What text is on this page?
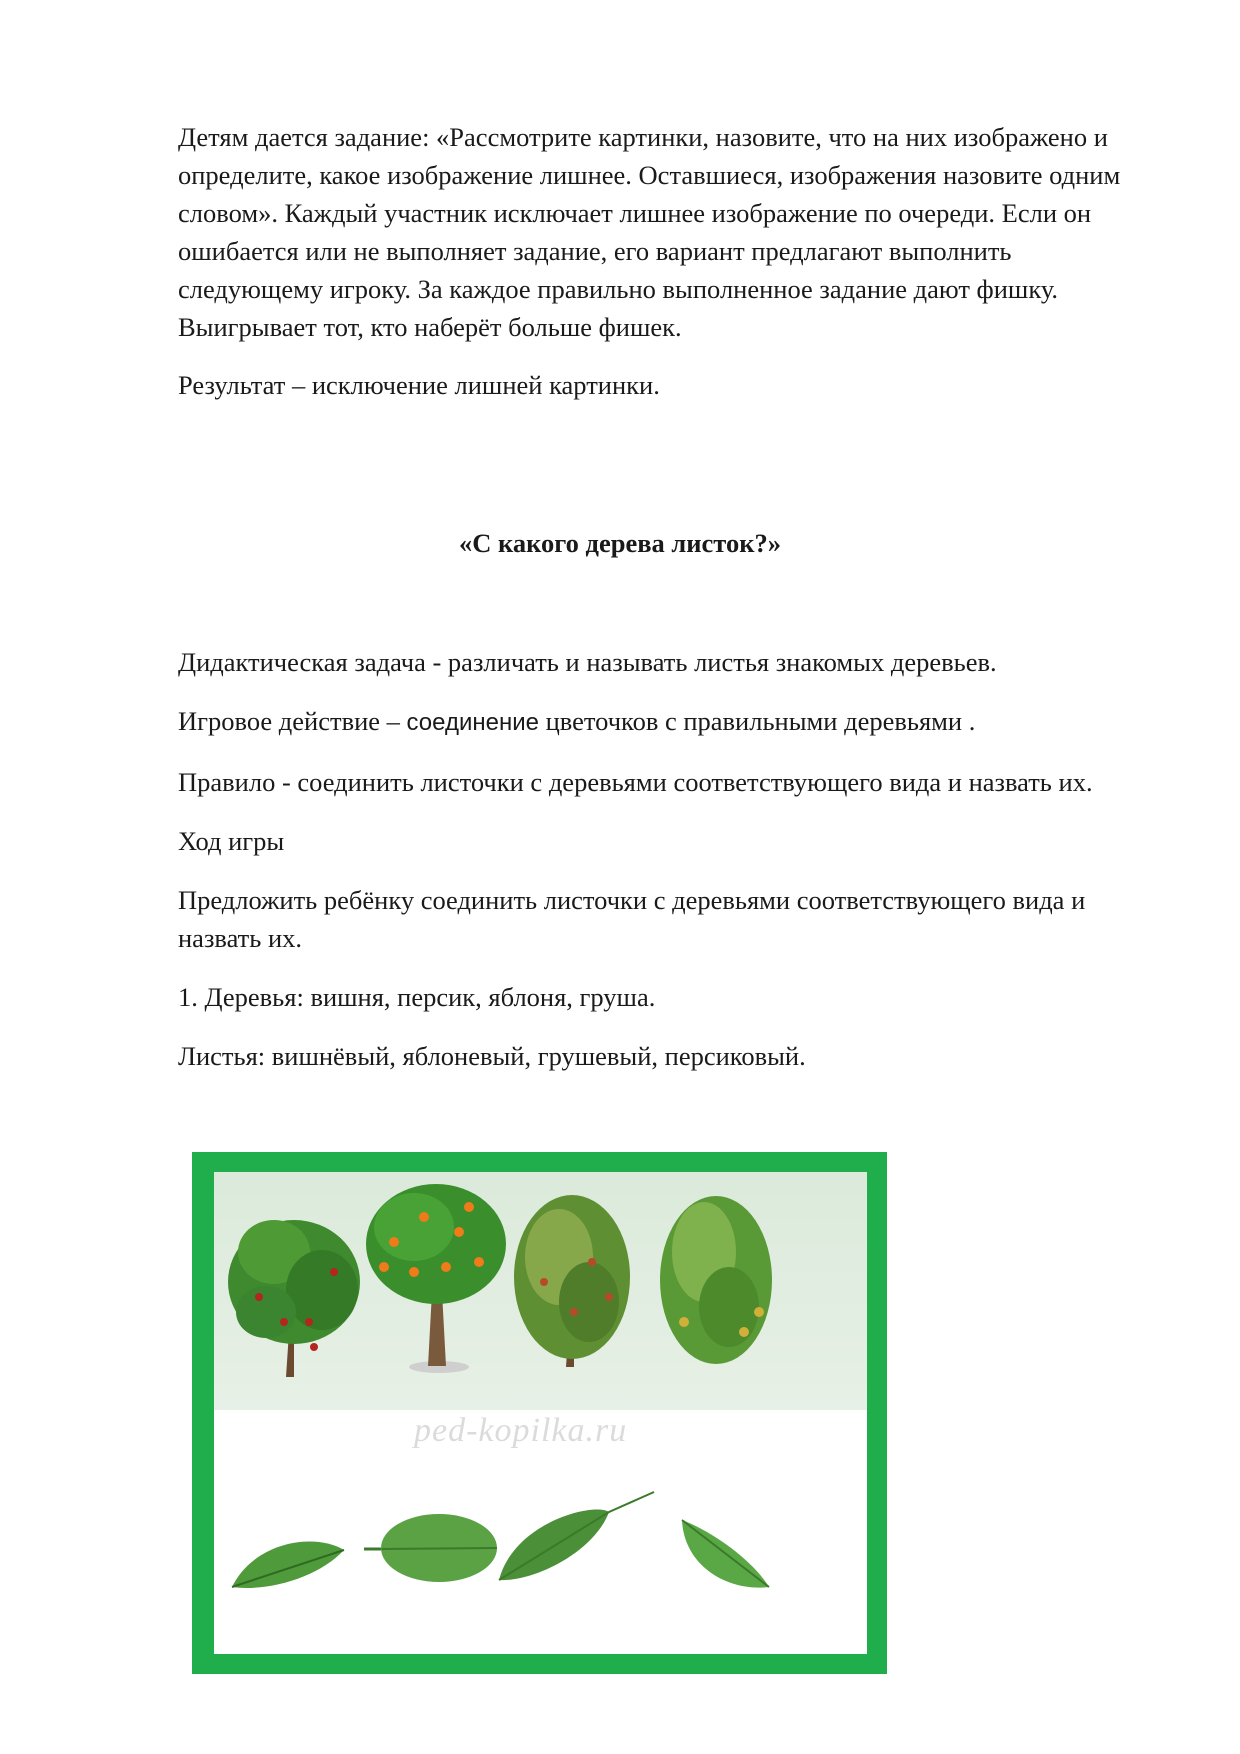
Детям дается задание: «Рассмотрите картинки, назовите, что на них изображено и определите, какое изображение лишнее. Оставшиеся, изображения назовите одним словом». Каждый участник исключает лишнее изображение по очереди. Если он ошибается или не выполняет задание, его вариант предлагают выполнить следующему игроку. За каждое правильно выполненное задание дают фишку. Выигрывает тот, кто наберёт больше фишек.

Результат – исключение лишней картинки.

«С какого дерева листок?»

Дидактическая задача - различать и называть листья знакомых деревьев.

Игровое действие – соединение цветочков с правильными деревьями .

Правило - соединить листочки с деревьями соответствующего вида и назвать их.

Ход игры

Предложить ребёнку соединить листочки с деревьями соответствующего вида и назвать их.

1. Деревья: вишня, персик, яблоня, груша.

Листья: вишнёвый, яблоневый, грушевый, персиковый.

ped-kopilka.ru
